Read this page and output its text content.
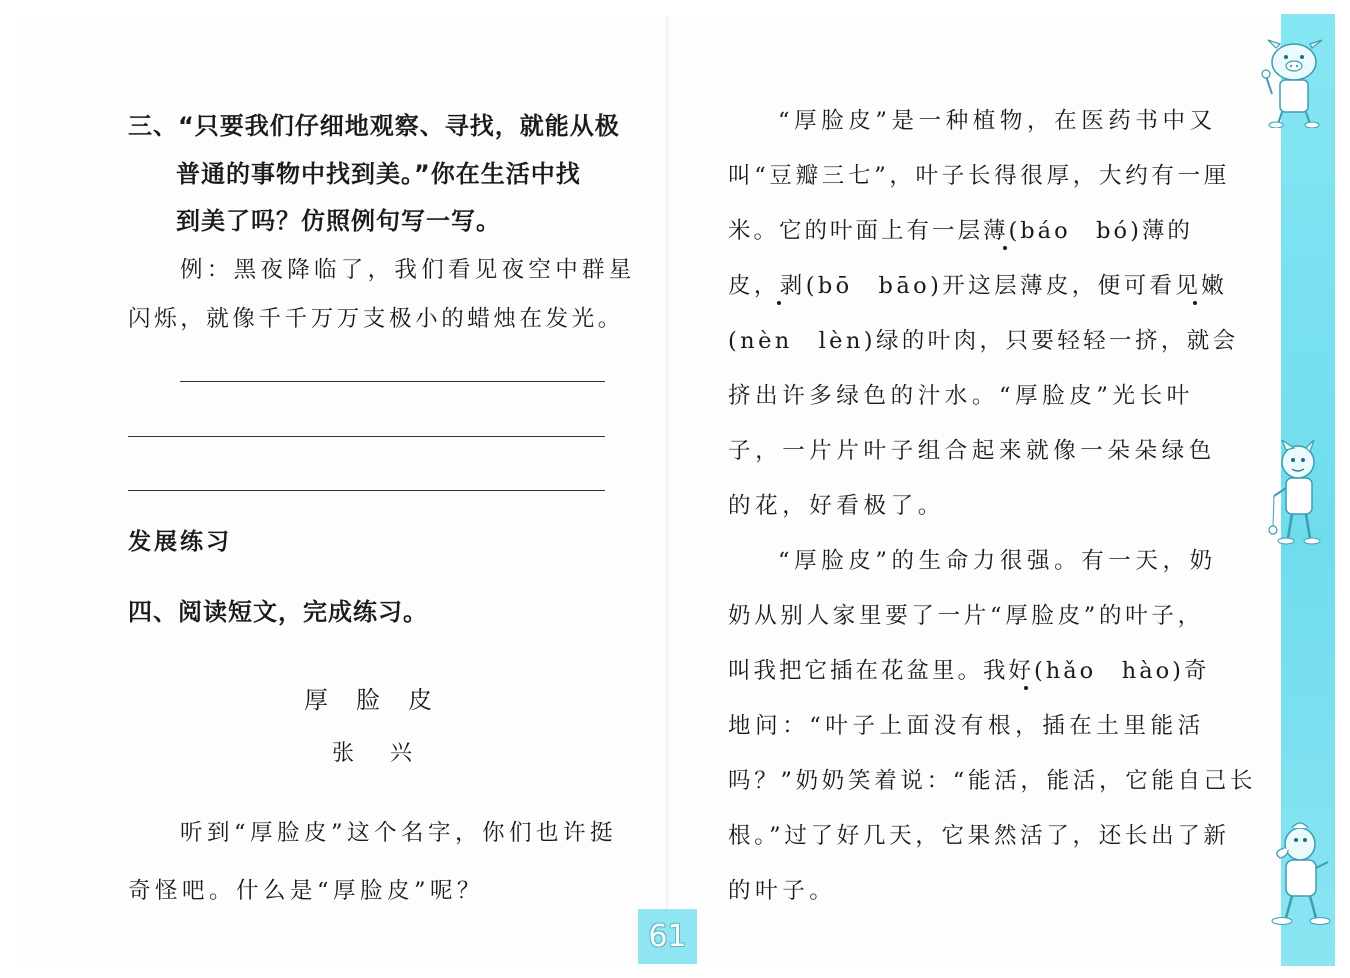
三、“只要我们仔细地观察、寻找，就能从极
普通的事物中找到美。”你在生活中找
到美了吗？仿照例句写一写。
例：黑夜降临了，我们看见夜空中群星
闪烁，就像千千万万支极小的蜡烛在发光。
发展练习
四、阅读短文，完成练习。
厚脸皮
张兴
听到“厚脸皮”这个名字，你们也许挺
奇怪吧。什么是“厚脸皮”呢？
“厚脸皮”是一种植物，在医药书中又
叫“豆瓣三七”，叶子长得很厚，大约有一厘
米。它的叶面上有一层薄(báo　bó)薄的
皮，剥(bō　bāo)开这层薄皮，便可看见嫩
(nèn　lèn)绿的叶肉，只要轻轻一挤，就会
挤出许多绿色的汁水。“厚脸皮”光长叶
子，一片片叶子组合起来就像一朵朵绿色
的花，好看极了。
“厚脸皮”的生命力很强。有一天，奶
奶从别人家里要了一片“厚脸皮”的叶子，
叫我把它插在花盆里。我好(hǎo　hào)奇
地问：“叶子上面没有根，插在土里能活
吗？”奶奶笑着说：“能活，能活，它能自己长
根。”过了好几天，它果然活了，还长出了新
的叶子。
61
